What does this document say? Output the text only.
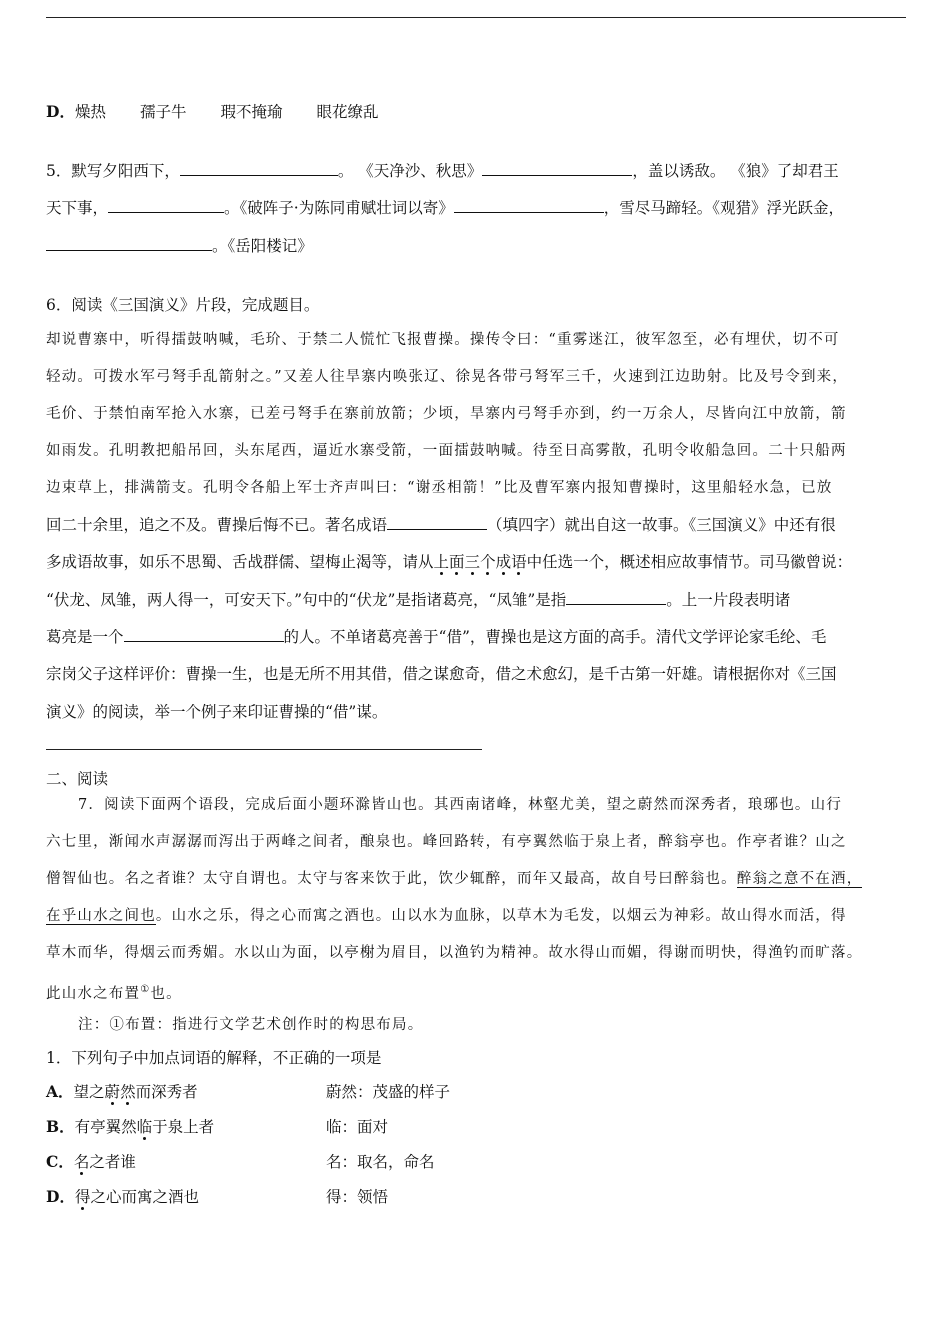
D．燥热 孺子牛 瑕不掩瑜 眼花缭乱
5．默写夕阳西下，	。 《天净沙、秋思》	，盖以诱敌。 《狼》了却君王
天下事，	。《破阵子·为陈同甫赋壮词以寄》	，雪尽马蹄轻。《观猎》浮光跃金，
。《岳阳楼记》
6．阅读《三国演义》片段，完成题目。
却说曹寨中，听得擂鼓呐喊，毛玠、于禁二人慌忙飞报曹操。操传令曰：“重雾迷江，彼军忽至，必有埋伏，切不可
轻动。可拨水军弓弩手乱箭射之。”又差人往旱寨内唤张辽、徐晃各带弓弩军三千，火速到江边助射。比及号令到来，
毛价、于禁怕南军抢入水寨，已差弓弩手在寨前放箭；少顷，旱寨内弓弩手亦到，约一万余人，尽皆向江中放箭，箭
如雨发。孔明教把船吊回，头东尾西，逼近水寨受箭，一面擂鼓呐喊。待至日高雾散，孔明令收船急回。二十只船两
边束草上，排满箭支。孔明令各船上军士齐声叫曰：“谢丞相箭！”比及曹军寨内报知曹操时，这里船轻水急，已放
回二十余里，追之不及。曹操后悔不已。著名成语	（填四字）就出自这一故事。《三国演义》中还有很
多成语故事，如乐不思蜀、舌战群儒、望梅止渴等，请从上面三个成语中任选一个，概述相应故事情节。司马徽曾说：
“伏龙、凤雏，两人得一，可安天下。”句中的“伏龙”是指诸葛亮，“凤雏”是指	。上一片段表明诸
葛亮是一个	的人。不单诸葛亮善于“借”，曹操也是这方面的高手。清代文学评论家毛纶、毛
宗岗父子这样评价：曹操一生，也是无所不用其借，借之谋愈奇，借之术愈幻，是千古第一奸雄。请根据你对《三国
演义》的阅读，举一个例子来印证曹操的“借”谋。
二、阅读
7．阅读下面两个语段，完成后面小题环滁皆山也。其西南诸峰，林壑尤美，望之蔚然而深秀者，琅琊也。山行
六七里，渐闻水声潺潺而泻出于两峰之间者，酿泉也。峰回路转，有亭翼然临于泉上者，醉翁亭也。作亭者谁？山之
僧智仙也。名之者谁？太守自谓也。太守与客来饮于此，饮少辄醉，而年又最高，故自号曰醉翁也。醉翁之意不在酒，
在乎山水之间也。山水之乐，得之心而寓之酒也。山以水为血脉，以草木为毛发，以烟云为神彩。故山得水而活，得
草木而华，得烟云而秀媚。水以山为面，以亭榭为眉目，以渔钓为精神。故水得山而媚，得谢而明快，得渔钓而旷落。
此山水之布置①也。
注：①布置：指进行文学艺术创作时的构思布局。
1．下列句子中加点词语的解释，不正确的一项是
A．望之蔚然而深秀者	蔚然：茂盛的样子
B．有亭翼然临于泉上者	临：面对
C．名之者谁	名：取名，命名
D．得之心而寓之酒也	得：领悟
